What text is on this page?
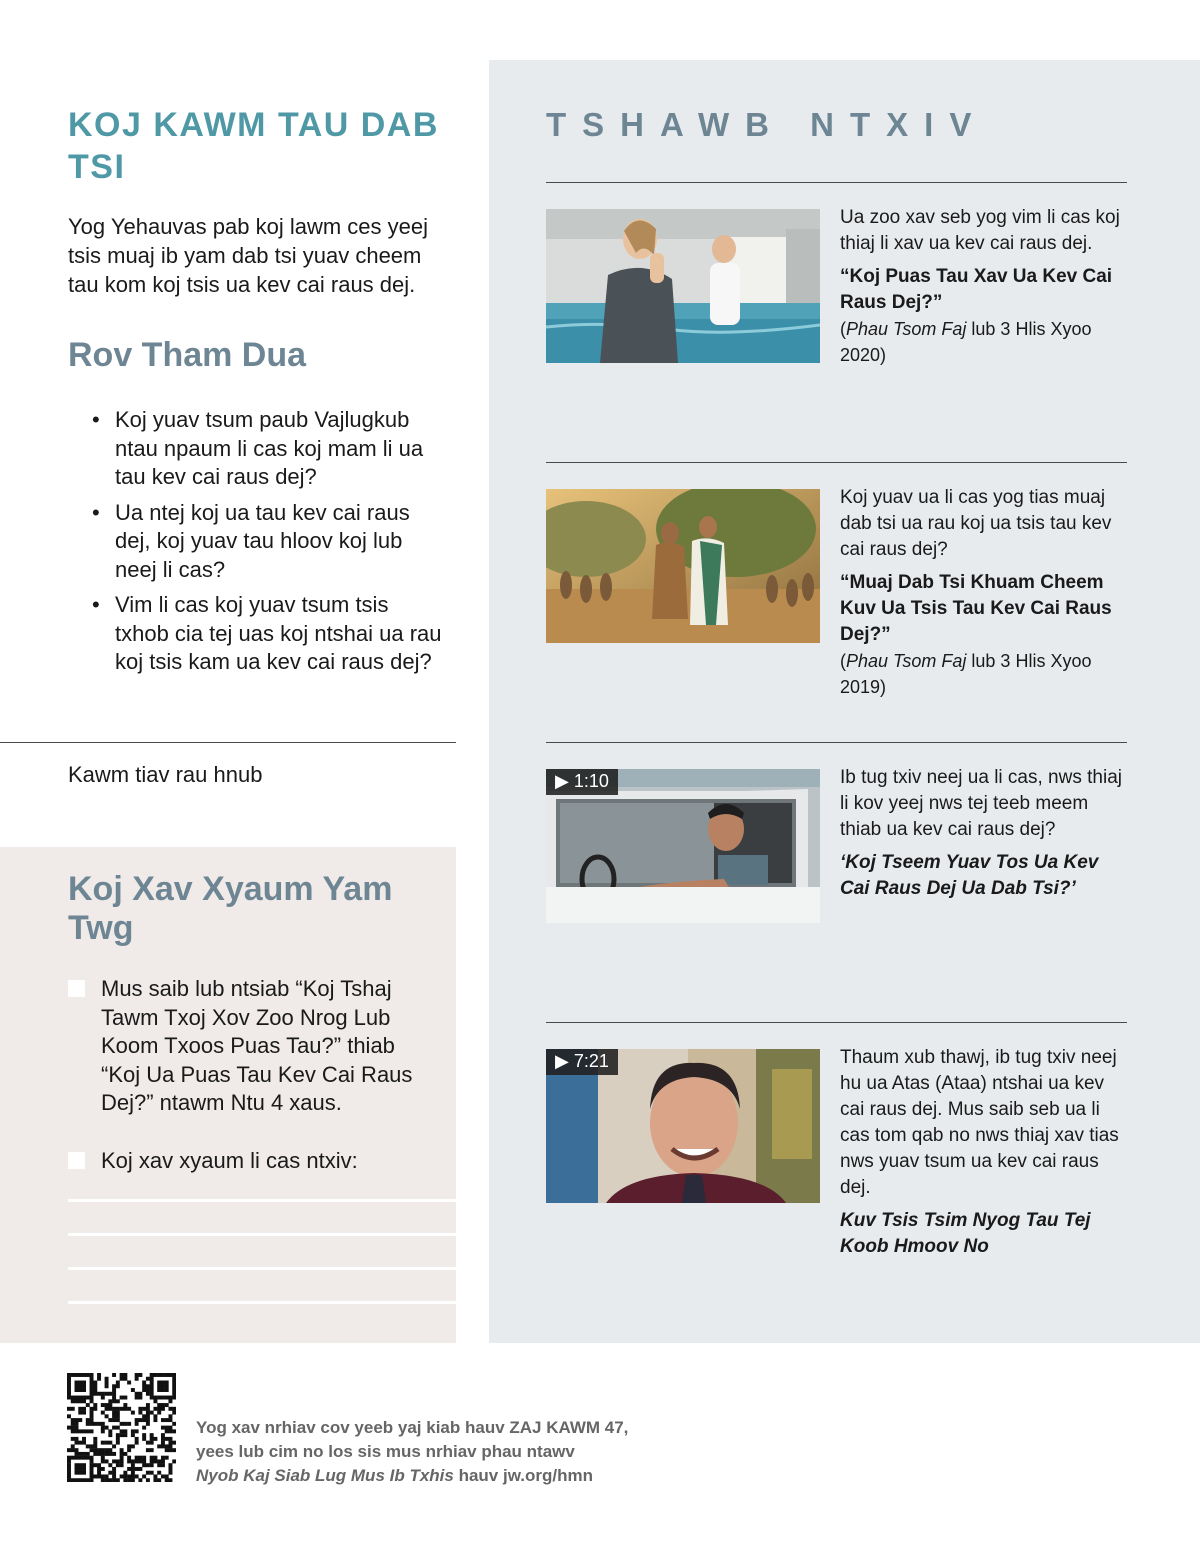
KOJ KAWM TAU DAB TSI
Yog Yehauvas pab koj lawm ces yeej tsis muaj ib yam dab tsi yuav cheem tau kom koj tsis ua kev cai raus dej.
Rov Tham Dua
• Koj yuav tsum paub Vajlugkub ntau npaum li cas koj mam li ua tau kev cai raus dej?
• Ua ntej koj ua tau kev cai raus dej, koj yuav tau hloov koj lub neej li cas?
• Vim li cas koj yuav tsum tsis txhob cia tej uas koj ntshai ua rau koj tsis kam ua kev cai raus dej?
Kawm tiav rau hnub
Koj Xav Xyaum Yam Twg
Mus saib lub ntsiab “Koj Tshaj Tawm Txoj Xov Zoo Nrog Lub Koom Txoos Puas Tau?” thiab “Koj Ua Puas Tau Kev Cai Raus Dej?” ntawm Ntu 4 xaus.
Koj xav xyaum li cas ntxiv:
TSHAWB NTXIV
Ua zoo xav seb yog vim li cas koj thiaj li xav ua kev cai raus dej.
“Koj Puas Tau Xav Ua Kev Cai Raus Dej?”
(Phau Tsom Faj lub 3 Hlis Xyoo 2020)
Koj yuav ua li cas yog tias muaj dab tsi ua rau koj ua tsis tau kev cai raus dej?
“Muaj Dab Tsi Khuam Cheem Kuv Ua Tsis Tau Kev Cai Raus Dej?”
(Phau Tsom Faj lub 3 Hlis Xyoo 2019)
▶ 1:10	Ib tug txiv neej ua li cas, nws thiaj li kov yeej nws tej teeb meem thiab ua kev cai raus dej?
‘Koj Tseem Yuav Tos Ua Kev Cai Raus Dej Ua Dab Tsi?’
▶ 7:21	Thaum xub thawj, ib tug txiv neej hu ua Atas (Ataa) ntshai ua kev cai raus dej. Mus saib seb ua li cas tom qab no nws thiaj xav tias nws yuav tsum ua kev cai raus dej.
Kuv Tsis Tsim Nyog Tau Tej Koob Hmoov No
Yog xav nrhiav cov yeeb yaj kiab hauv ZAJ KAWM 47,
yees lub cim no los sis mus nrhiav phau ntawv
Nyob Kaj Siab Lug Mus Ib Txhis hauv jw.org/hmn
